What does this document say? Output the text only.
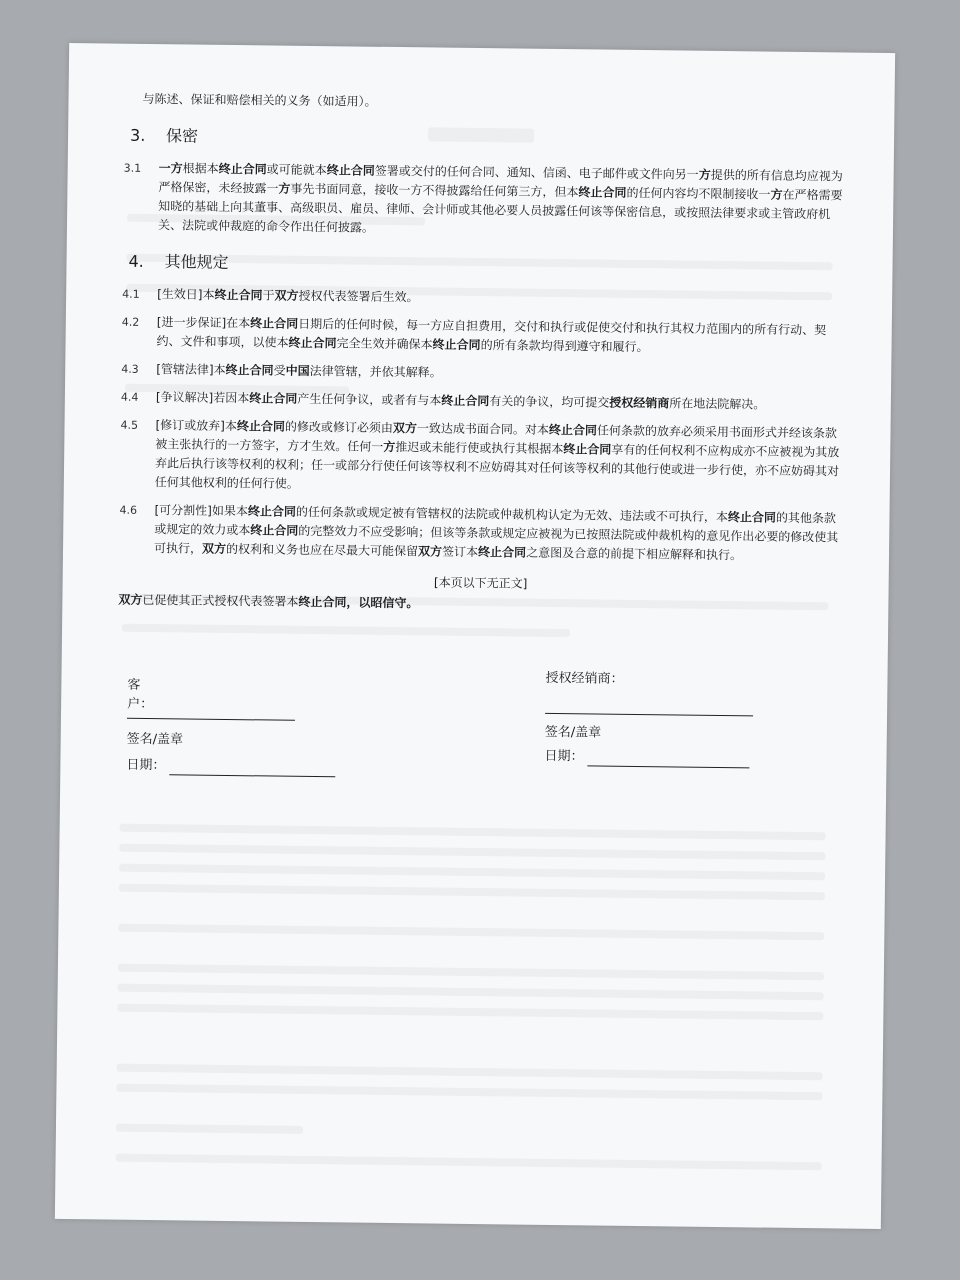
与陈述、保证和赔偿相关的义务（如适用）。
3.	保密
3.1	一方根据本终止合同或可能就本终止合同签署或交付的任何合同、通知、信函、电子邮件或文件向另一方提供的所有信息均应视为严格保密，未经披露一方事先书面同意，接收一方不得披露给任何第三方，但本终止合同的任何内容均不限制接收一方在严格需要知晓的基础上向其董事、高级职员、雇员、律师、会计师或其他必要人员披露任何该等保密信息，或按照法律要求或主管政府机关、法院或仲裁庭的命令作出任何披露。
4.	其他规定
4.1	[生效日]本终止合同于双方授权代表签署后生效。
4.2	[进一步保证]在本终止合同日期后的任何时候，每一方应自担费用，交付和执行或促使交付和执行其权力范围内的所有行动、契约、文件和事项，以使本终止合同完全生效并确保本终止合同的所有条款均得到遵守和履行。
4.3	[管辖法律]本终止合同受中国法律管辖，并依其解释。
4.4	[争议解决]若因本终止合同产生任何争议，或者有与本终止合同有关的争议，均可提交授权经销商所在地法院解决。
4.5	[修订或放弃]本终止合同的修改或修订必须由双方一致达成书面合同。对本终止合同任何条款的放弃必须采用书面形式并经该条款被主张执行的一方签字，方才生效。任何一方推迟或未能行使或执行其根据本终止合同享有的任何权利不应构成亦不应被视为其放弃此后执行该等权利的权利；任一或部分行使任何该等权利不应妨碍其对任何该等权利的其他行使或进一步行使，亦不应妨碍其对任何其他权利的任何行使。
4.6	[可分割性]如果本终止合同的任何条款或规定被有管辖权的法院或仲裁机构认定为无效、违法或不可执行，本终止合同的其他条款或规定的效力或本终止合同的完整效力不应受影响；但该等条款或规定应被视为已按照法院或仲裁机构的意见作出必要的修改使其可执行，双方的权利和义务也应在尽最大可能保留双方签订本终止合同之意图及合意的前提下相应解释和执行。
[本页以下无正文]
双方已促使其正式授权代表签署本终止合同，以昭信守。
客户：
签名/盖章
日期：
授权经销商：
签名/盖章
日期：
